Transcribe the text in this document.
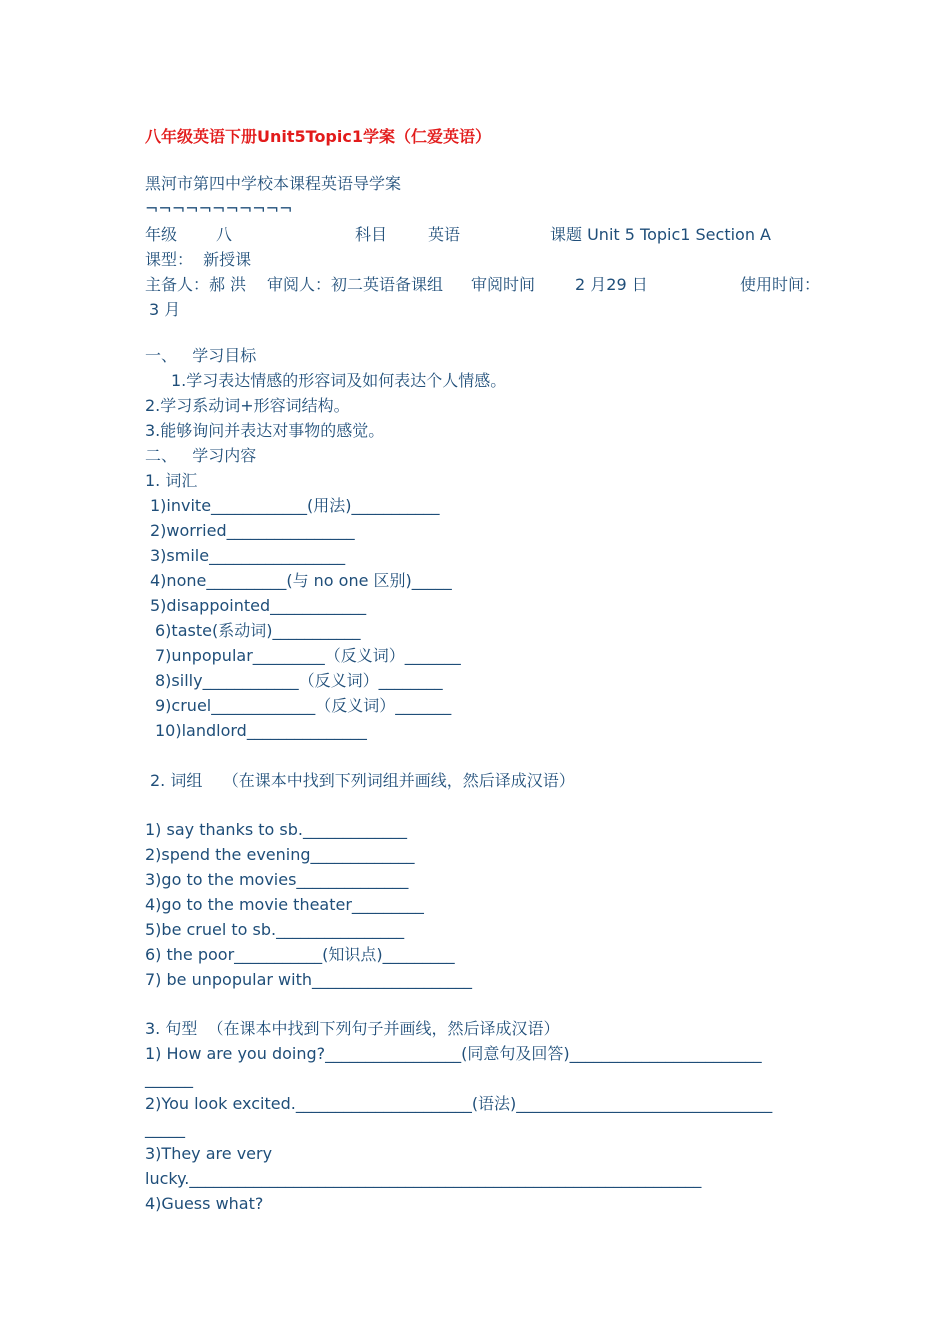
八年级英语下册Unit5Topic1学案（仁爱英语）
黑河市第四中学校本课程英语导学案
¬¬¬¬¬¬¬¬¬¬¬
年级 八	科目	英语	课题 Unit 5 Topic1 Section A
课型：  新授课
主备人：郝 洪 审阅人：初二英语备课组 审阅时间 2 月29 日	使用时间：
3 月
一、   学习目标
1.学习表达情感的形容词及如何表达个人情感。
2.学习系动词+形容词结构。
3.能够询问并表达对事物的感觉。
二、   学习内容
1. 词汇
1)invite____________(用法)___________
2)worried________________
3)smile_________________
4)none__________(与 no one 区别)_____
5)disappointed____________
6)taste(系动词)___________
7)unpopular_________（反义词）_______
8)silly____________（反义词）________
9)cruel_____________（反义词）_______
10)landlord_______________
2. 词组    （在课本中找到下列词组并画线，然后译成汉语）
1) say thanks to sb._____________
2)spend the evening_____________
3)go to the movies______________
4)go to the movie theater_________
5)be cruel to sb.________________
6) the poor___________(知识点)_________
7) be unpopular with____________________
3. 句型  （在课本中找到下列句子并画线，然后译成汉语）
1) How are you doing?_________________(同意句及回答)________________________
______
2)You look excited.______________________(语法)________________________________
_____
3)They are very
lucky.________________________________________________________________
4)Guess what?
